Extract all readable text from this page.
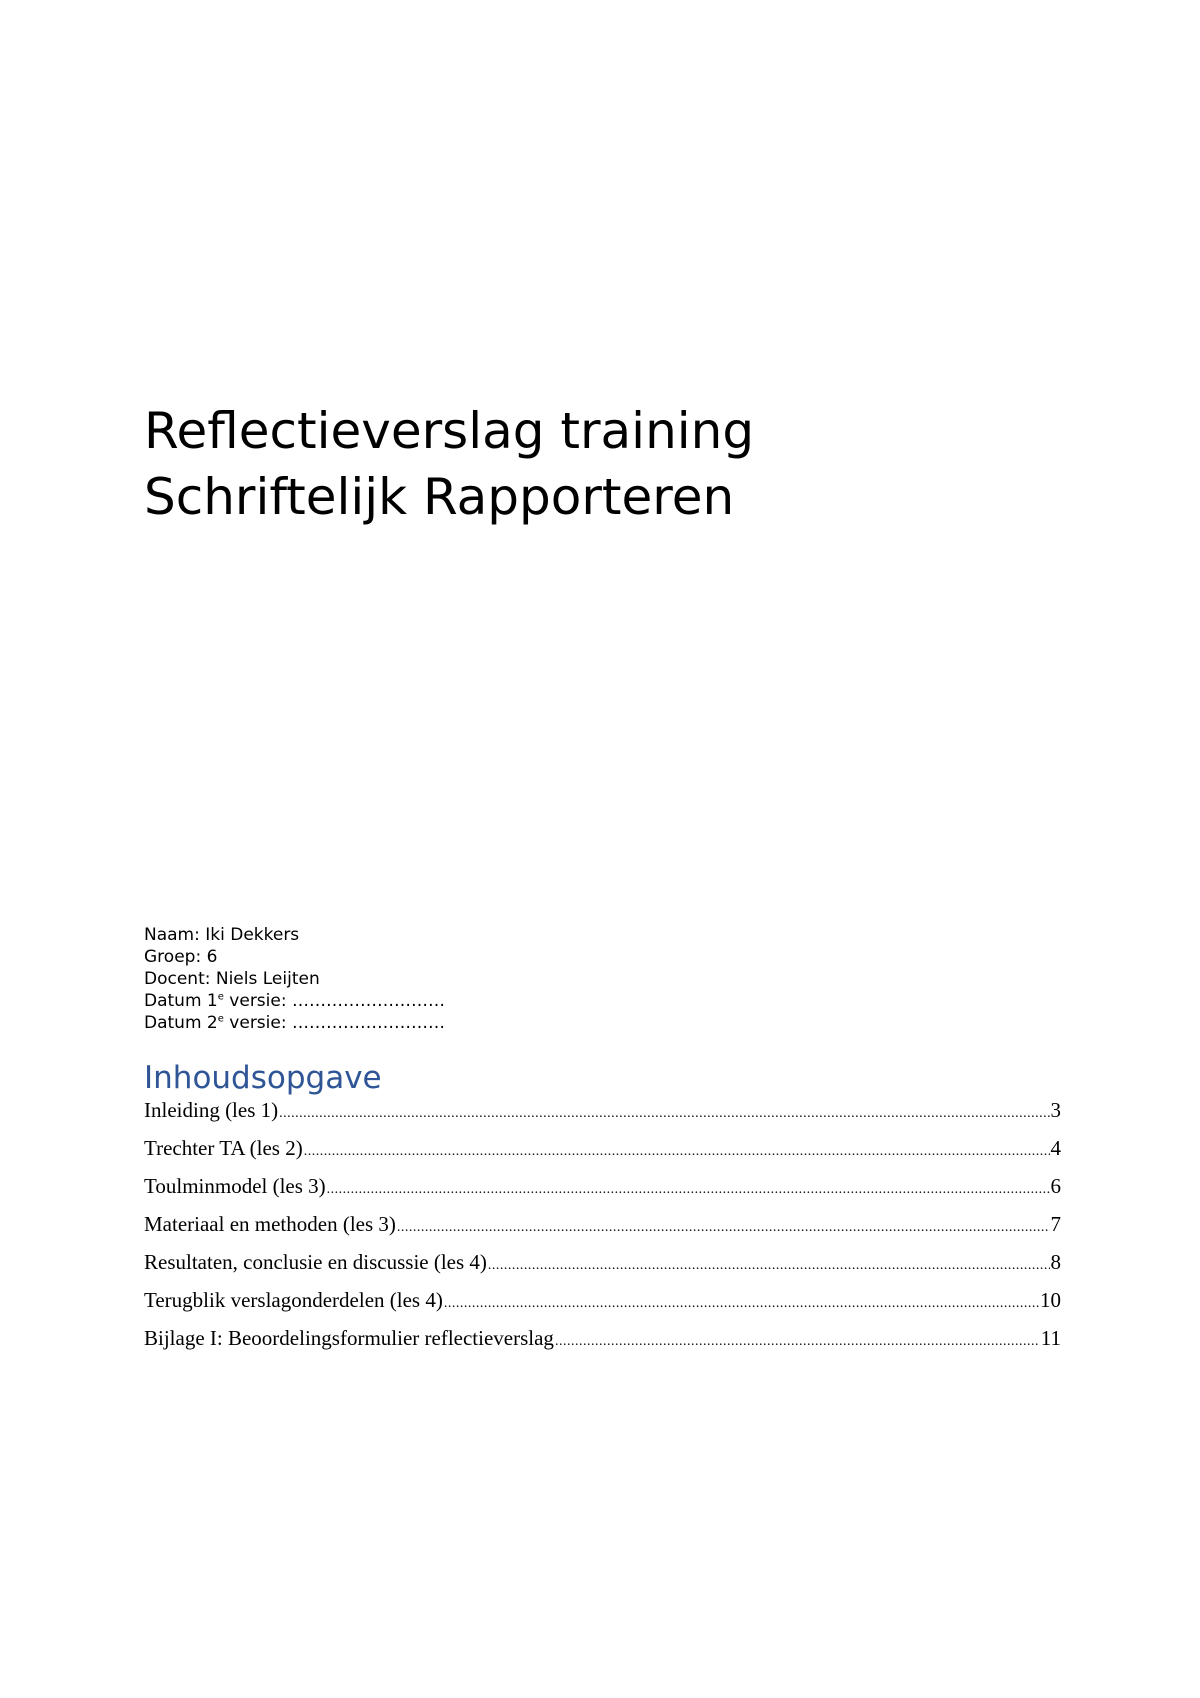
Reflectieverslag training
Schriftelijk Rapporteren
Naam: Iki Dekkers
Groep: 6
Docent: Niels Leijten
Datum 1e versie: ………………………
Datum 2e versie: ………………………
Inhoudsopgave
Inleiding (les 1) .....	3
Trechter TA (les 2) .....	4
Toulminmodel (les 3) .....	6
Materiaal en methoden (les 3) .....	7
Resultaten, conclusie en discussie (les 4) .....	8
Terugblik verslagonderdelen (les 4) .....	10
Bijlage I: Beoordelingsformulier reflectieverslag .....	11
